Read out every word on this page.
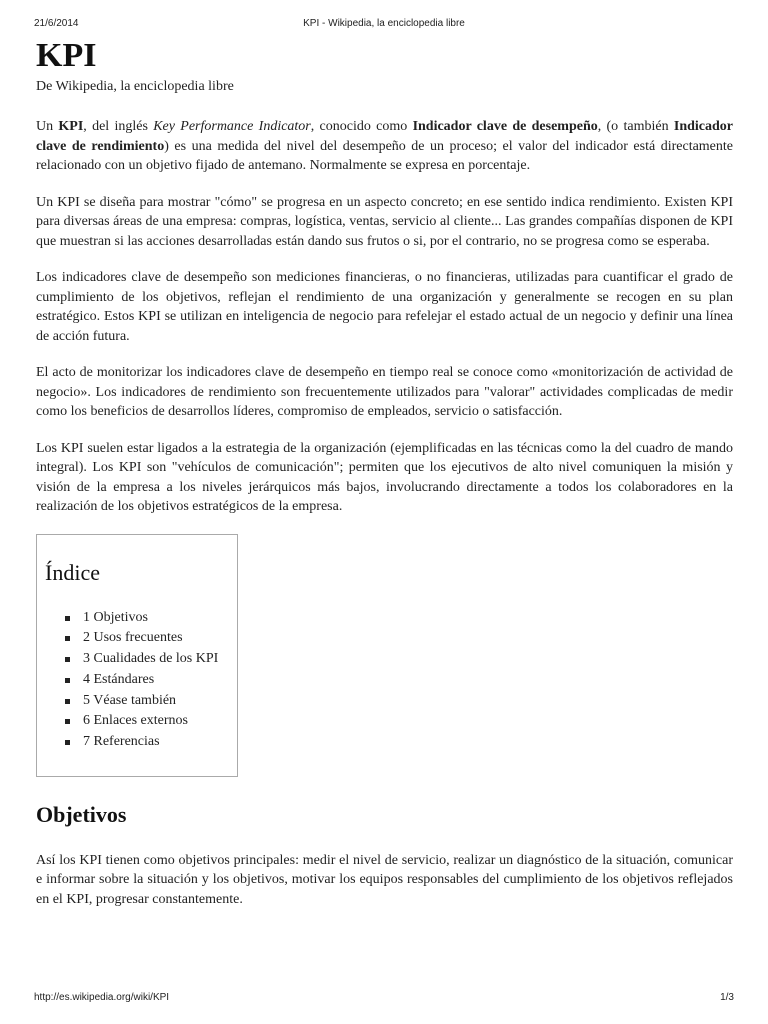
21/6/2014	KPI - Wikipedia, la enciclopedia libre
KPI
De Wikipedia, la enciclopedia libre

Un KPI, del inglés Key Performance Indicator, conocido como Indicador clave de desempeño, (o también Indicador clave de rendimiento) es una medida del nivel del desempeño de un proceso; el valor del indicador está directamente relacionado con un objetivo fijado de antemano. Normalmente se expresa en porcentaje.

Un KPI se diseña para mostrar "cómo" se progresa en un aspecto concreto; en ese sentido indica rendimiento. Existen KPI para diversas áreas de una empresa: compras, logística, ventas, servicio al cliente... Las grandes compañías disponen de KPI que muestran si las acciones desarrolladas están dando sus frutos o si, por el contrario, no se progresa como se esperaba.

Los indicadores clave de desempeño son mediciones financieras, o no financieras, utilizadas para cuantificar el grado de cumplimiento de los objetivos, reflejan el rendimiento de una organización y generalmente se recogen en su plan estratégico. Estos KPI se utilizan en inteligencia de negocio para refelejar el estado actual de un negocio y definir una línea de acción futura.

El acto de monitorizar los indicadores clave de desempeño en tiempo real se conoce como «monitorización de actividad de negocio». Los indicadores de rendimiento son frecuentemente utilizados para "valorar" actividades complicadas de medir como los beneficios de desarrollos líderes, compromiso de empleados, servicio o satisfacción.

Los KPI suelen estar ligados a la estrategia de la organización (ejemplificadas en las técnicas como la del cuadro de mando integral). Los KPI son "vehículos de comunicación"; permiten que los ejecutivos de alto nivel comuniquen la misión y visión de la empresa a los niveles jerárquicos más bajos, involucrando directamente a todos los colaboradores en la realización de los objetivos estratégicos de la empresa.

Índice
1 Objetivos
2 Usos frecuentes
3 Cualidades de los KPI
4 Estándares
5 Véase también
6 Enlaces externos
7 Referencias
Objetivos

Así los KPI tienen como objetivos principales: medir el nivel de servicio, realizar un diagnóstico de la situación, comunicar e informar sobre la situación y los objetivos, motivar los equipos responsables del cumplimiento de los objetivos reflejados en el KPI, progresar constantemente.

http://es.wikipedia.org/wiki/KPI	1/3
